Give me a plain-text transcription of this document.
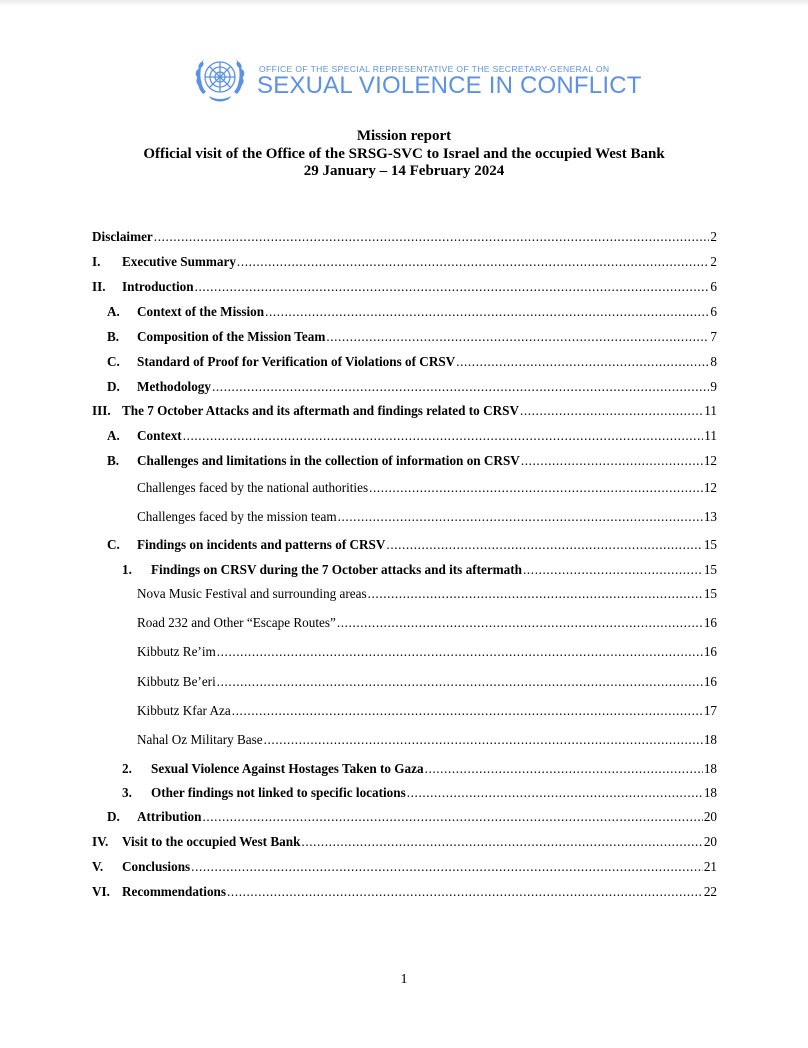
OFFICE OF THE SPECIAL REPRESENTATIVE OF THE SECRETARY-GENERAL ON
SEXUAL VIOLENCE IN CONFLICT
Mission report
Official visit of the Office of the SRSG-SVC to Israel and the occupied West Bank
29 January – 14 February 2024
Disclaimer .....	2
I.	Executive Summary .....	2
II.	Introduction .....	6
A.	Context of the Mission .....	6
B.	Composition of the Mission Team .....	7
C.	Standard of Proof for Verification of Violations of CRSV .....	8
D.	Methodology .....	9
III. The 7 October Attacks and its aftermath and findings related to CRSV .....	11
A.	Context .....	11
B.	Challenges and limitations in the collection of information on CRSV .....	12
Challenges faced by the national authorities .....	12
Challenges faced by the mission team .....	13
C.	Findings on incidents and patterns of CRSV .....	15
1.	Findings on CRSV during the 7 October attacks and its aftermath .....	15
Nova Music Festival and surrounding areas .....	15
Road 232 and Other “Escape Routes” .....	16
Kibbutz Re’im .....	16
Kibbutz Be’eri .....	16
Kibbutz Kfar Aza .....	17
Nahal Oz Military Base .....	18
2.	Sexual Violence Against Hostages Taken to Gaza .....	18
3.	Other findings not linked to specific locations .....	18
D.	Attribution .....	20
IV.	Visit to the occupied West Bank .....	20
V.	Conclusions .....	21
VI. Recommendations .....	22
1
